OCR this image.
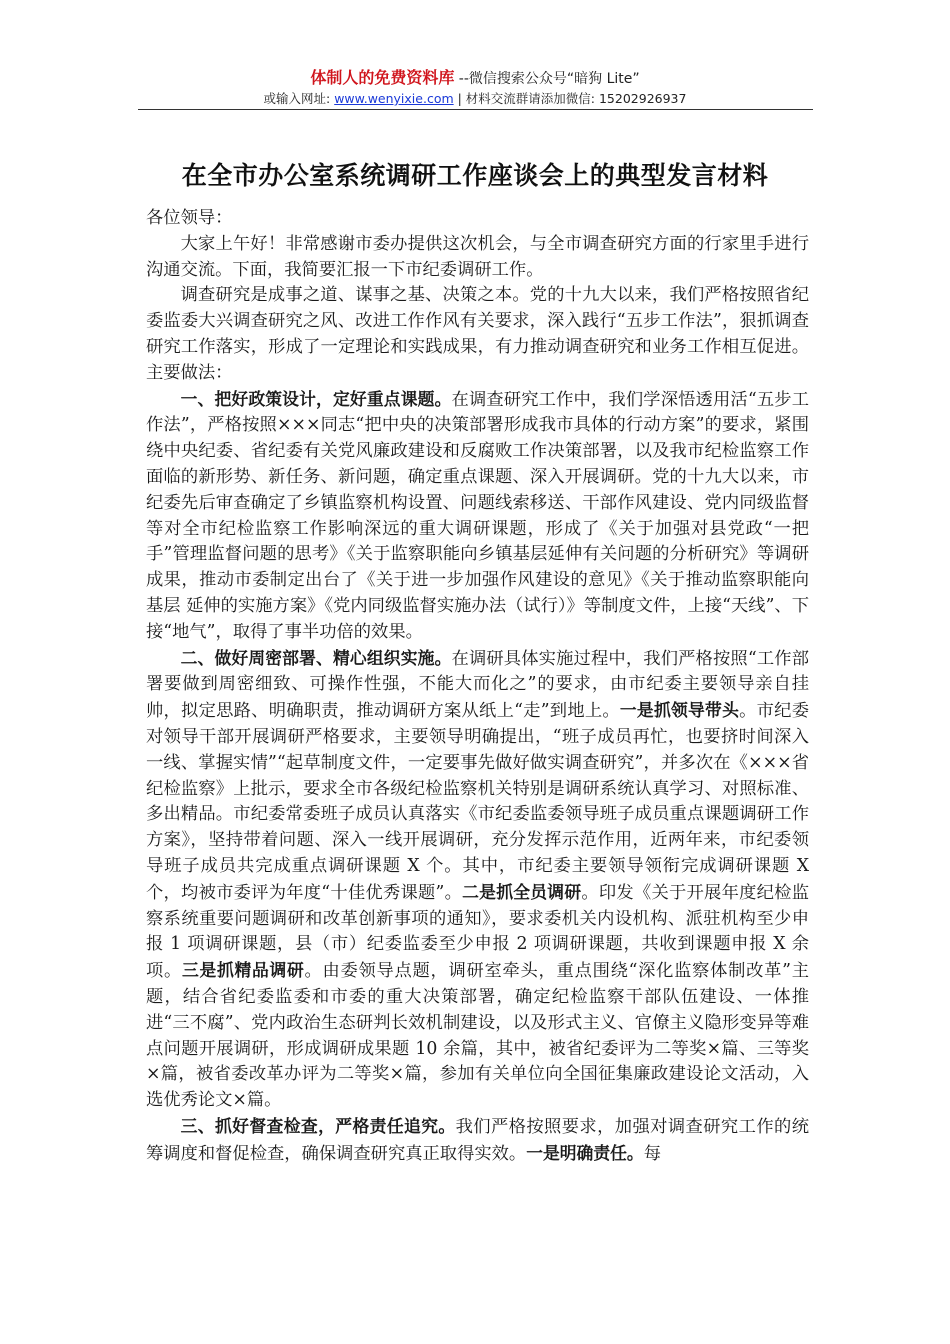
体制人的免费资料库 --微信搜索公众号“暗狗 Lite”
或输入网址: www.wenyixie.com | 材料交流群请添加微信: 15202926937
在全市办公室系统调研工作座谈会上的典型发言材料

各位领导：

大家上午好！非常感谢市委办提供这次机会，与全市调查研究方面的行家里手进行沟通交流。下面，我简要汇报一下市纪委调研工作。

调查研究是成事之道、谋事之基、决策之本。党的十九大以来，我们严格按照省纪委监委大兴调查研究之风、改进工作作风有关要求，深入践行“五步工作法”，狠抓调查研究工作落实，形成了一定理论和实践成果，有力推动调查研究和业务工作相互促进。主要做法：

一、把好政策设计，定好重点课题。在调查研究工作中，我们学深悟透用活“五步工作法”，严格按照×××同志“把中央的决策部署形成我市具体的行动方案”的要求，紧围绕中央纪委、省纪委有关党风廉政建设和反腐败工作决策部署，以及我市纪检监察工作面临的新形势、新任务、新问题，确定重点课题、深入开展调研。党的十九大以来，市纪委先后审查确定了乡镇监察机构设置、问题线索移送、干部作风建设、党内同级监督等对全市纪检监察工作影响深远的重大调研课题，形成了《关于加强对县党政“一把手”管理监督问题的思考》《关于监察职能向乡镇基层延伸有关问题的分析研究》等调研成果，推动市委制定出台了《关于进一步加强作风建设的意见》《关于推动监察职能向基层 延伸的实施方案》《党内同级监督实施办法（试行）》等制度文件，上接“天线”、下接“地气”，取得了事半功倍的效果。

二、做好周密部署、精心组织实施。在调研具体实施过程中，我们严格按照“工作部署要做到周密细致、可操作性强，不能大而化之”的要求，由市纪委主要领导亲自挂帅，拟定思路、明确职责，推动调研方案从纸上“走”到地上。一是抓领导带头。市纪委对领导干部开展调研严格要求，主要领导明确提出，“班子成员再忙，也要挤时间深入一线、掌握实情”“起草制度文件，一定要事先做好做实调查研究”，并多次在《×××省纪检监察》上批示，要求全市各级纪检监察机关特别是调研系统认真学习、对照标准、多出精品。市纪委常委班子成员认真落实《市纪委监委领导班子成员重点课题调研工作方案》，坚持带着问题、深入一线开展调研，充分发挥示范作用，近两年来，市纪委领导班子成员共完成重点调研课题 X 个。其中，市纪委主要领导领衔完成调研课题 X 个，均被市委评为年度“十佳优秀课题”。二是抓全员调研。印发《关于开展年度纪检监察系统重要问题调研和改革创新事项的通知》，要求委机关内设机构、派驻机构至少申报 1 项调研课题，县（市）纪委监委至少申报 2 项调研课题，共收到课题申报 X 余项。三是抓精品调研。由委领导点题，调研室牵头，重点围绕“深化监察体制改革”主题，结合省纪委监委和市委的重大决策部署，确定纪检监察干部队伍建设、一体推进“三不腐”、党内政治生态研判长效机制建设，以及形式主义、官僚主义隐形变异等难点问题开展调研，形成调研成果题 10 余篇，其中，被省纪委评为二等奖×篇、三等奖×篇，被省委改革办评为二等奖×篇，参加有关单位向全国征集廉政建设论文活动，入选优秀论文×篇。

三、抓好督查检查，严格责任追究。我们严格按照要求，加强对调查研究工作的统筹调度和督促检查，确保调查研究真正取得实效。一是明确责任。每
